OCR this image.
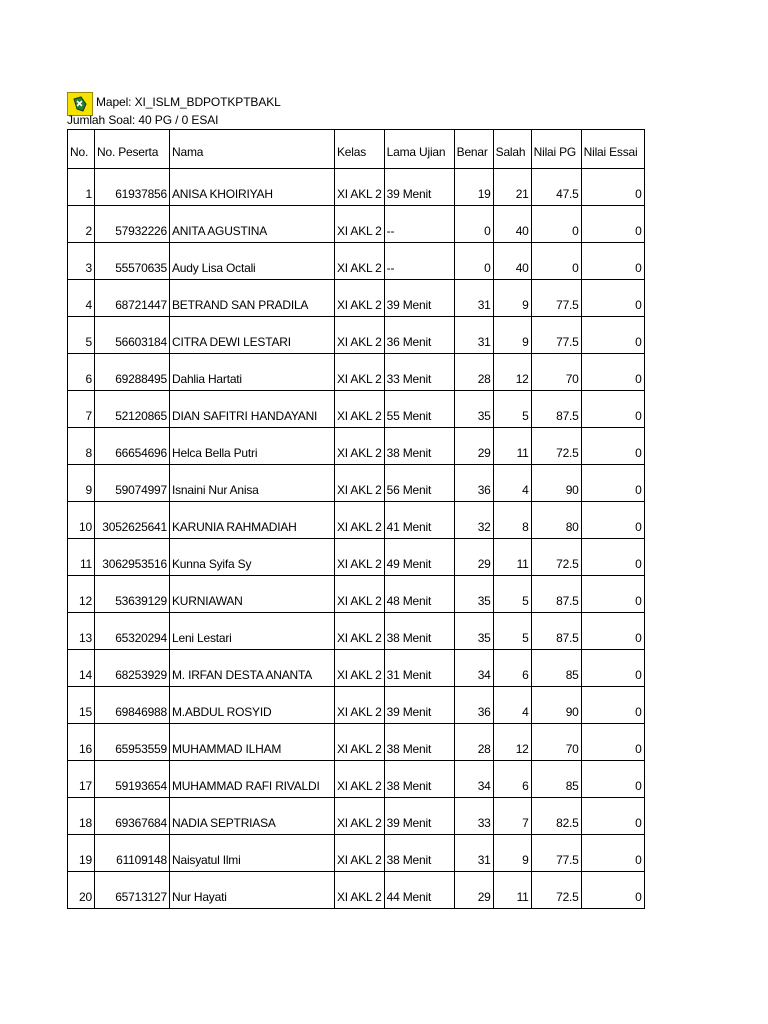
Mapel: XI_ISLM_BDPOTKPTBAKL
Jumlah Soal: 40 PG / 0 ESAI
No.	No. Peserta	Nama	Kelas	Lama Ujian	Benar	Salah	Nilai PG	Nilai Essai
1	61937856	ANISA KHOIRIYAH	XI AKL 2	39 Menit	19	21	47.5	0
2	57932226	ANITA AGUSTINA	XI AKL 2	--	0	40	0	0
3	55570635	Audy Lisa Octali	XI AKL 2	--	0	40	0	0
4	68721447	BETRAND SAN PRADILA	XI AKL 2	39 Menit	31	9	77.5	0
5	56603184	CITRA DEWI LESTARI	XI AKL 2	36 Menit	31	9	77.5	0
6	69288495	Dahlia Hartati	XI AKL 2	33 Menit	28	12	70	0
7	52120865	DIAN SAFITRI HANDAYANI	XI AKL 2	55 Menit	35	5	87.5	0
8	66654696	Helca Bella Putri	XI AKL 2	38 Menit	29	11	72.5	0
9	59074997	Isnaini Nur Anisa	XI AKL 2	56 Menit	36	4	90	0
10	3052625641	KARUNIA RAHMADIAH	XI AKL 2	41 Menit	32	8	80	0
11	3062953516	Kunna Syifa Sy	XI AKL 2	49 Menit	29	11	72.5	0
12	53639129	KURNIAWAN	XI AKL 2	48 Menit	35	5	87.5	0
13	65320294	Leni Lestari	XI AKL 2	38 Menit	35	5	87.5	0
14	68253929	M. IRFAN DESTA ANANTA	XI AKL 2	31 Menit	34	6	85	0
15	69846988	M.ABDUL ROSYID	XI AKL 2	39 Menit	36	4	90	0
16	65953559	MUHAMMAD ILHAM	XI AKL 2	38 Menit	28	12	70	0
17	59193654	MUHAMMAD RAFI RIVALDI	XI AKL 2	38 Menit	34	6	85	0
18	69367684	NADIA SEPTRIASA	XI AKL 2	39 Menit	33	7	82.5	0
19	61109148	Naisyatul Ilmi	XI AKL 2	38 Menit	31	9	77.5	0
20	65713127	Nur Hayati	XI AKL 2	44 Menit	29	11	72.5	0
